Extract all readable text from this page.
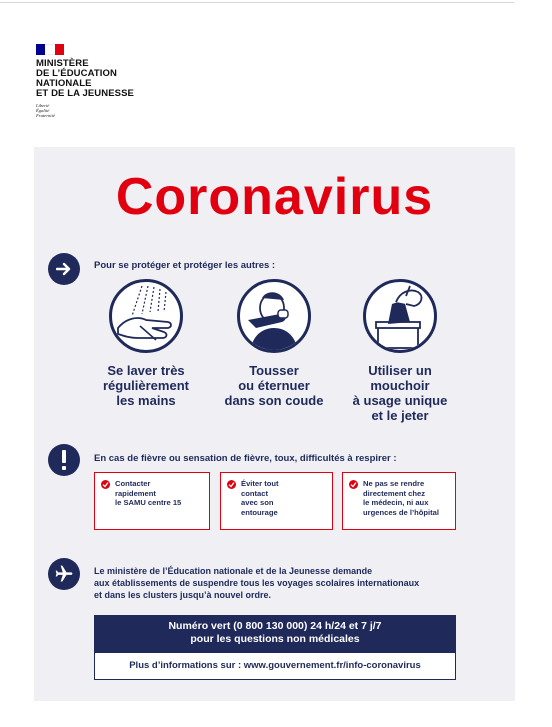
MINISTÈRE
DE L’ÉDUCATION
NATIONALE
ET DE LA JEUNESSE
Liberté
Égalité
Fraternité
Coronavirus
Pour se protéger et protéger les autres :
Se laver très
régulièrement
les mains
Tousser
ou éternuer
dans son coude
Utiliser un
mouchoir
à usage unique
et le jeter
En cas de fièvre ou sensation de fièvre, toux, difficultés à respirer :
Contacter
rapidement
le SAMU centre 15
Éviter tout
contact
avec son
entourage
Ne pas se rendre
directement chez
le médecin, ni aux
urgences de l’hôpital
Le ministère de l’Éducation nationale et de la Jeunesse demande
aux établissements de suspendre tous les voyages scolaires internationaux
et dans les clusters jusqu’à nouvel ordre.
Numéro vert (0 800 130 000) 24 h/24 et 7 j/7
pour les questions non médicales
Plus d’informations sur : www.gouvernement.fr/info-coronavirus
